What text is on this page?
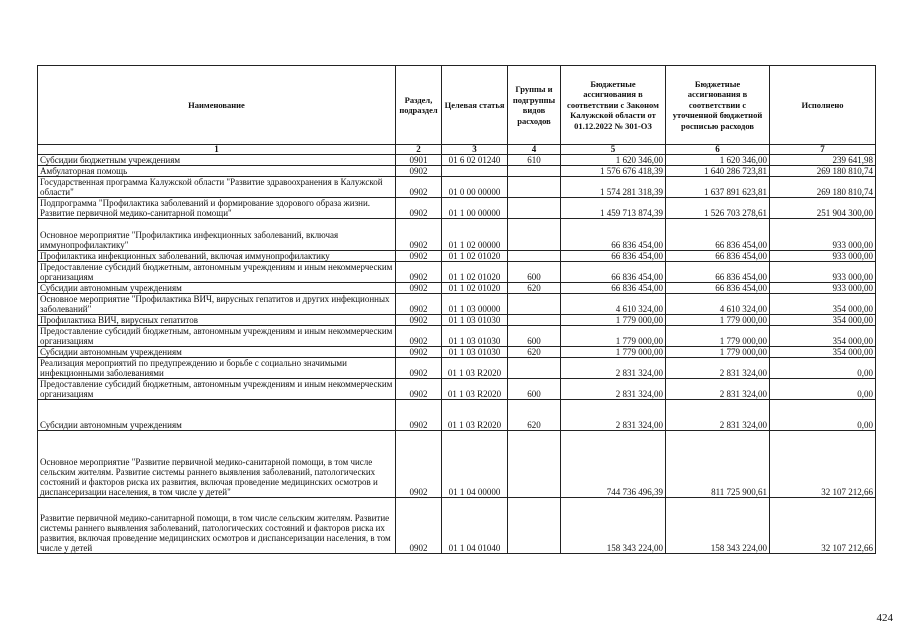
Наименование	Раздел, подраздел	Целевая статья	Группы и подгруппы видов расходов	Бюджетные ассигнования в соответствии с Законом Калужской области от 01.12.2022 № 301-ОЗ	Бюджетные ассигнования в соответствии с уточненной бюджетной росписью расходов	Исполнено
1	2	3	4	5	6	7
Субсидии бюджетным учреждениям	0901	01 6 02 01240	610	1 620 346,00	1 620 346,00	239 641,98
Амбулаторная помощь	0902			1 576 676 418,39	1 640 286 723,81	269 180 810,74
Государственная программа Калужской области "Развитие здравоохранения в Калужской области"	0902	01 0 00 00000		1 574 281 318,39	1 637 891 623,81	269 180 810,74
Подпрограмма "Профилактика заболеваний и формирование здорового образа жизни. Развитие первичной медико-санитарной помощи"	0902	01 1 00 00000		1 459 713 874,39	1 526 703 278,61	251 904 300,00
Основное мероприятие "Профилактика инфекционных заболеваний, включая иммунопрофилактику"	0902	01 1 02 00000		66 836 454,00	66 836 454,00	933 000,00
Профилактика инфекционных заболеваний, включая иммунопрофилактику	0902	01 1 02 01020		66 836 454,00	66 836 454,00	933 000,00
Предоставление субсидий бюджетным, автономным учреждениям и иным некоммерческим организациям	0902	01 1 02 01020	600	66 836 454,00	66 836 454,00	933 000,00
Субсидии автономным учреждениям	0902	01 1 02 01020	620	66 836 454,00	66 836 454,00	933 000,00
Основное мероприятие "Профилактика ВИЧ, вирусных гепатитов и других инфекционных заболеваний"	0902	01 1 03 00000		4 610 324,00	4 610 324,00	354 000,00
Профилактика ВИЧ, вирусных гепатитов	0902	01 1 03 01030		1 779 000,00	1 779 000,00	354 000,00
Предоставление субсидий бюджетным, автономным учреждениям и иным некоммерческим организациям	0902	01 1 03 01030	600	1 779 000,00	1 779 000,00	354 000,00
Субсидии автономным учреждениям	0902	01 1 03 01030	620	1 779 000,00	1 779 000,00	354 000,00
Реализация мероприятий по предупреждению и борьбе с социально значимыми инфекционными заболеваниями	0902	01 1 03 R2020		2 831 324,00	2 831 324,00	0,00
Предоставление субсидий бюджетным, автономным учреждениям и иным некоммерческим организациям	0902	01 1 03 R2020	600	2 831 324,00	2 831 324,00	0,00
Субсидии автономным учреждениям	0902	01 1 03 R2020	620	2 831 324,00	2 831 324,00	0,00
Основное мероприятие "Развитие первичной медико-санитарной помощи, в том числе сельским жителям. Развитие системы раннего выявления заболеваний, патологических состояний и факторов риска их развития, включая проведение медицинских осмотров и диспансеризации населения, в том числе у детей"	0902	01 1 04 00000		744 736 496,39	811 725 900,61	32 107 212,66
Развитие первичной медико-санитарной помощи, в том числе сельским жителям. Развитие системы раннего выявления заболеваний, патологических состояний и факторов риска их развития, включая проведение медицинских осмотров и диспансеризации населения, в том числе у детей	0902	01 1 04 01040		158 343 224,00	158 343 224,00	32 107 212,66
424
